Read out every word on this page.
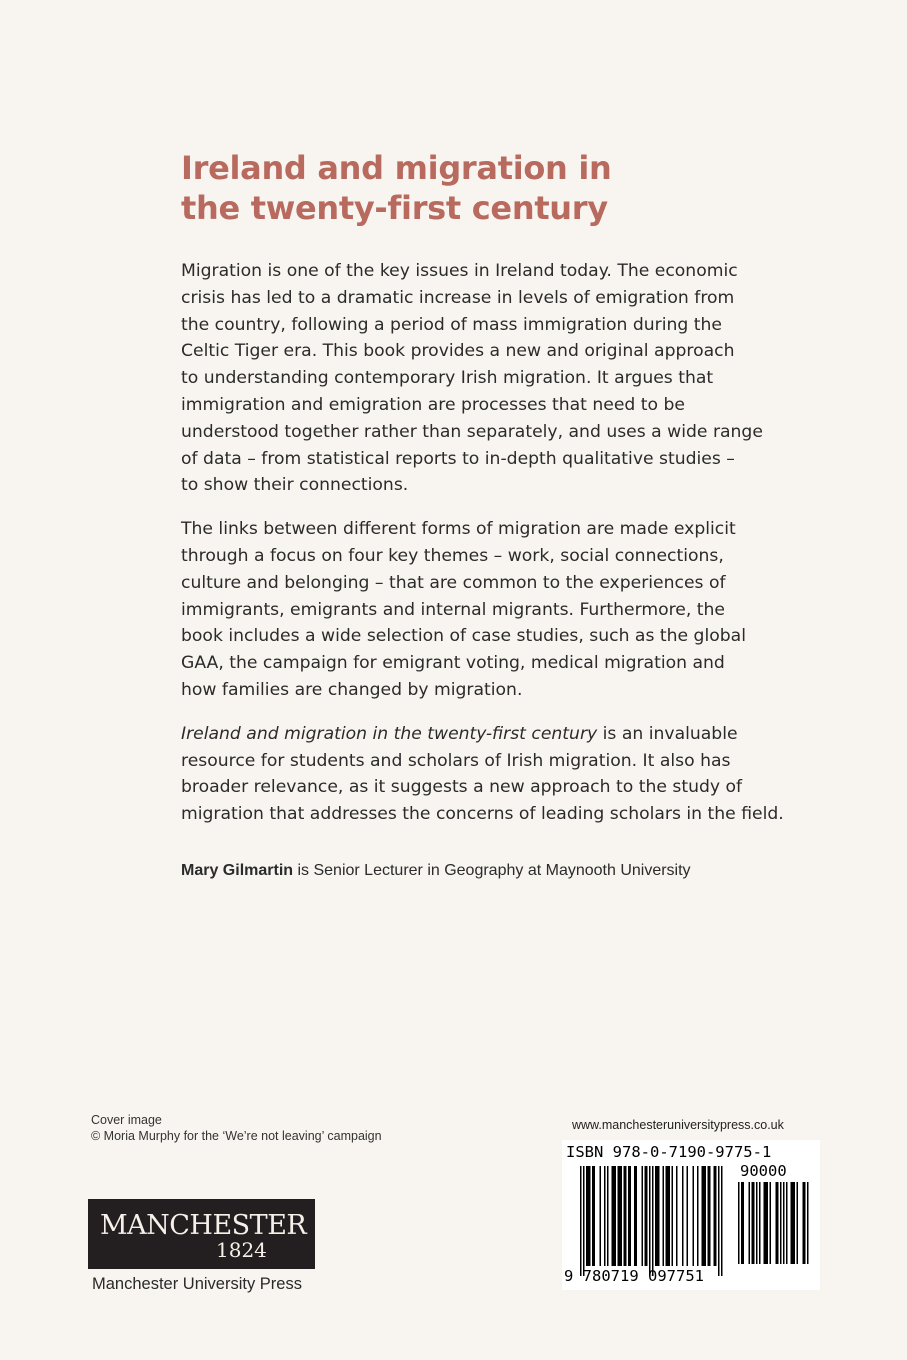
Ireland and migration in
the twenty-first century

Migration is one of the key issues in Ireland today. The economic
crisis has led to a dramatic increase in levels of emigration from
the country, following a period of mass immigration during the
Celtic Tiger era. This book provides a new and original approach
to understanding contemporary Irish migration. It argues that
immigration and emigration are processes that need to be
understood together rather than separately, and uses a wide range
of data – from statistical reports to in-depth qualitative studies –
to show their connections.

The links between different forms of migration are made explicit
through a focus on four key themes – work, social connections,
culture and belonging – that are common to the experiences of
immigrants, emigrants and internal migrants. Furthermore, the
book includes a wide selection of case studies, such as the global
GAA, the campaign for emigrant voting, medical migration and
how families are changed by migration.

Ireland and migration in the twenty-first century is an invaluable
resource for students and scholars of Irish migration. It also has
broader relevance, as it suggests a new approach to the study of
migration that addresses the concerns of leading scholars in the field.

Mary Gilmartin is Senior Lecturer in Geography at Maynooth University
Cover image
© Moria Murphy for the ‘We’re not leaving’ campaign
MANCHESTER
1824
Manchester University Press
www.manchesteruniversitypress.co.uk
ISBN 978-0-7190-9775-1
90000
9 780719 097751
